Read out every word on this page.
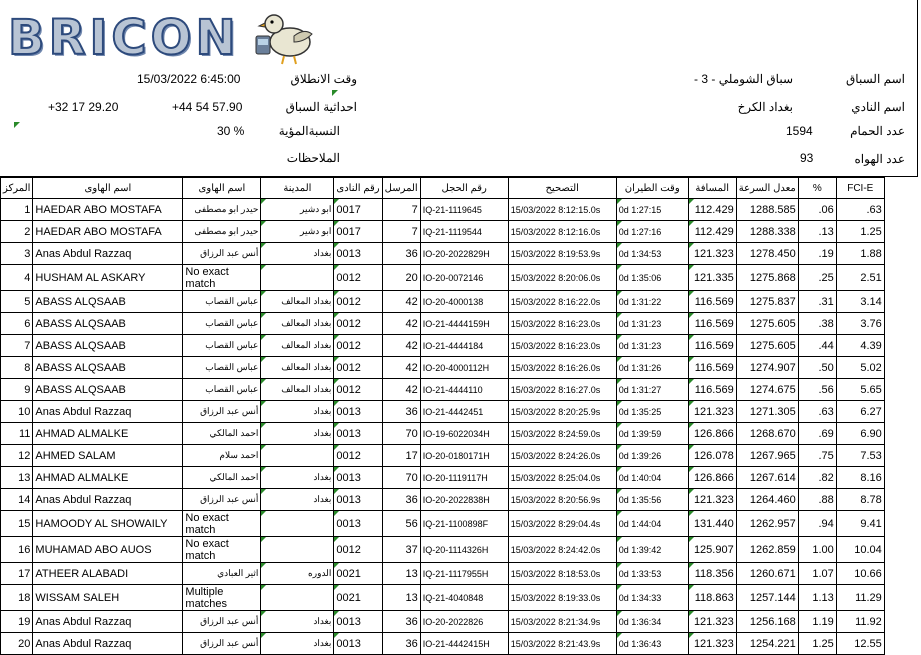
BRICON
اسم السباق
سباق الشوملي - 3 -
اسم النادي
بغداد الكرخ
عدد الحمام
1594
عدد الهواه
93
وقت الانطلاق
15/03/2022 6:45:00
احداثية السباق
+44 54 57.90
+32 17 29.20
النسبةالمؤية
30 %
الملاحظات
المركز	اسم الهاوى	اسم الهاوى	المدينة	رقم النادى	المرسل	رقم الحجل	التصحيح	وقت الطيران	المسافة	معدل السرعة	%	FCI-E
1	HAEDAR ABO MOSTAFA	حيدر ابو مصطفى	ابو دشير	0017	7	IQ-21-1119645	15/03/2022 8:12:15.0s	0d 1:27:15	112.429	1288.585	.06	.63
2	HAEDAR ABO MOSTAFA	حيدر ابو مصطفى	ابو دشير	0017	7	IQ-21-1119544	15/03/2022 8:12:16.0s	0d 1:27:16	112.429	1288.338	.13	1.25
3	Anas Abdul Razzaq	أنس عبد الرزاق	بغداد	0013	36	IO-20-2022829H	15/03/2022 8:19:53.9s	0d 1:34:53	121.323	1278.450	.19	1.88
4	HUSHAM AL ASKARY	No exact match		0012	20	IO-20-0072146	15/03/2022 8:20:06.0s	0d 1:35:06	121.335	1275.868	.25	2.51
5	ABASS ALQSAAB	عباس القصاب	بغداد المعالف	0012	42	IO-20-4000138	15/03/2022 8:16:22.0s	0d 1:31:22	116.569	1275.837	.31	3.14
6	ABASS ALQSAAB	عباس القصاب	بغداد المعالف	0012	42	IO-21-4444159H	15/03/2022 8:16:23.0s	0d 1:31:23	116.569	1275.605	.38	3.76
7	ABASS ALQSAAB	عباس القصاب	بغداد المعالف	0012	42	IO-21-4444184	15/03/2022 8:16:23.0s	0d 1:31:23	116.569	1275.605	.44	4.39
8	ABASS ALQSAAB	عباس القصاب	بغداد المعالف	0012	42	IO-20-4000112H	15/03/2022 8:16:26.0s	0d 1:31:26	116.569	1274.907	.50	5.02
9	ABASS ALQSAAB	عباس القصاب	بغداد المعالف	0012	42	IO-21-4444110	15/03/2022 8:16:27.0s	0d 1:31:27	116.569	1274.675	.56	5.65
10	Anas Abdul Razzaq	أنس عبد الرزاق	بغداد	0013	36	IO-21-4442451	15/03/2022 8:20:25.9s	0d 1:35:25	121.323	1271.305	.63	6.27
11	AHMAD ALMALKE	احمد المالكي	بغداد	0013	70	IO-19-6022034H	15/03/2022 8:24:59.0s	0d 1:39:59	126.866	1268.670	.69	6.90
12	AHMED SALAM	احمد سلام		0012	17	IO-20-0180171H	15/03/2022 8:24:26.0s	0d 1:39:26	126.078	1267.965	.75	7.53
13	AHMAD ALMALKE	احمد المالكي	بغداد	0013	70	IO-20-1119117H	15/03/2022 8:25:04.0s	0d 1:40:04	126.866	1267.614	.82	8.16
14	Anas Abdul Razzaq	أنس عبد الرزاق	بغداد	0013	36	IO-20-2022838H	15/03/2022 8:20:56.9s	0d 1:35:56	121.323	1264.460	.88	8.78
15	HAMOODY AL SHOWAILY	No exact match		0013	56	IQ-21-1100898F	15/03/2022 8:29:04.4s	0d 1:44:04	131.440	1262.957	.94	9.41
16	MUHAMAD ABO AUOS	No exact match		0012	37	IQ-20-1114326H	15/03/2022 8:24:42.0s	0d 1:39:42	125.907	1262.859	1.00	10.04
17	ATHEER ALABADI	اثير العبادي	الدوره	0021	13	IQ-21-1117955H	15/03/2022 8:18:53.0s	0d 1:33:53	118.356	1260.671	1.07	10.66
18	WISSAM SALEH	Multiple matches		0021	13	IQ-21-4040848	15/03/2022 8:19:33.0s	0d 1:34:33	118.863	1257.144	1.13	11.29
19	Anas Abdul Razzaq	أنس عبد الرزاق	بغداد	0013	36	IO-20-2022826	15/03/2022 8:21:34.9s	0d 1:36:34	121.323	1256.168	1.19	11.92
20	Anas Abdul Razzaq	أنس عبد الرزاق	بغداد	0013	36	IO-21-4442415H	15/03/2022 8:21:43.9s	0d 1:36:43	121.323	1254.221	1.25	12.55
